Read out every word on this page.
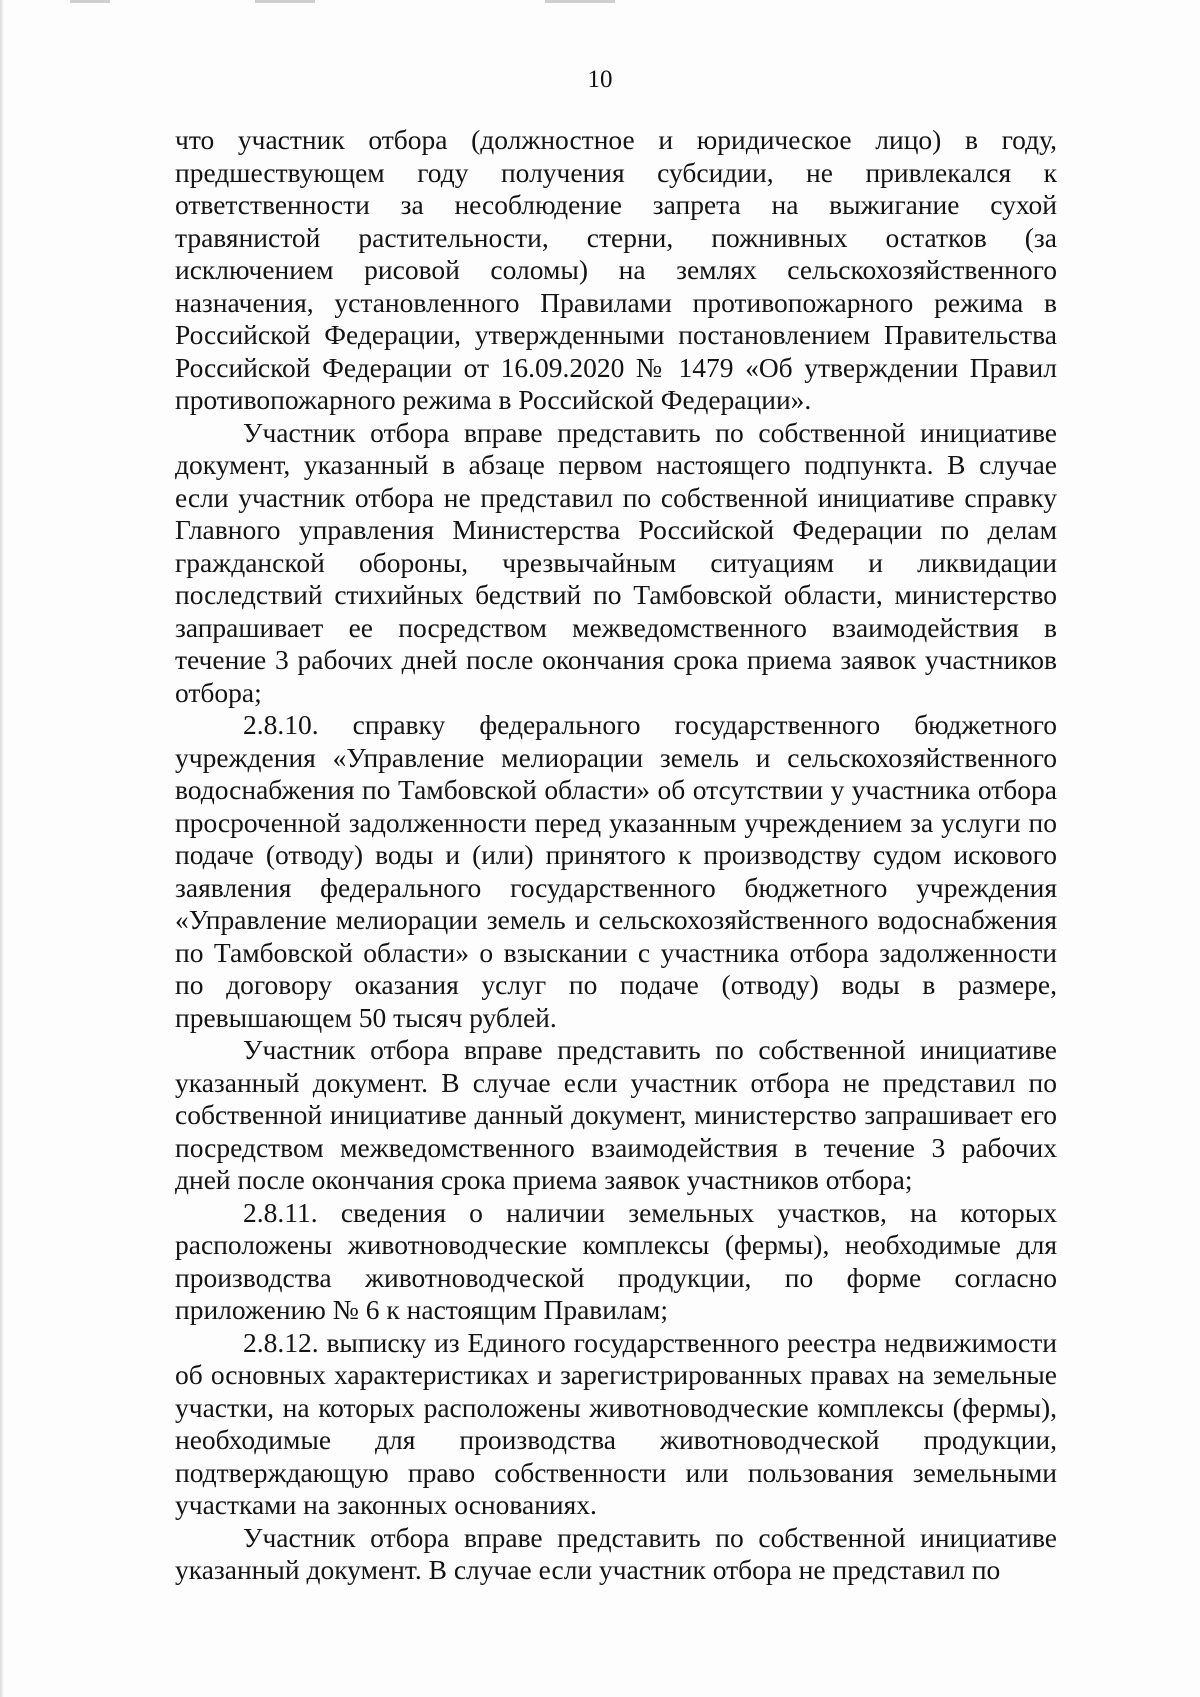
10

что участник отбора (должностное и юридическое лицо) в году, предшествующем году получения субсидии, не привлекался к ответственности за несоблюдение запрета на выжигание сухой травянистой растительности, стерни, пожнивных остатков (за исключением рисовой соломы) на землях сельскохозяйственного назначения, установленного Правилами противопожарного режима в Российской Федерации, утвержденными постановлением Правительства Российской Федерации от 16.09.2020 № 1479 «Об утверждении Правил противопожарного режима в Российской Федерации».

Участник отбора вправе представить по собственной инициативе документ, указанный в абзаце первом настоящего подпункта. В случае если участник отбора не представил по собственной инициативе справку Главного управления Министерства Российской Федерации по делам гражданской обороны, чрезвычайным ситуациям и ликвидации последствий стихийных бедствий по Тамбовской области, министерство запрашивает ее посредством межведомственного взаимодействия в течение 3 рабочих дней после окончания срока приема заявок участников отбора;

2.8.10. справку федерального государственного бюджетного учреждения «Управление мелиорации земель и сельскохозяйственного водоснабжения по Тамбовской области» об отсутствии у участника отбора просроченной задолженности перед указанным учреждением за услуги по подаче (отводу) воды и (или) принятого к производству судом искового заявления федерального государственного бюджетного учреждения «Управление мелиорации земель и сельскохозяйственного водоснабжения по Тамбовской области» о взыскании с участника отбора задолженности по договору оказания услуг по подаче (отводу) воды в размере, превышающем 50 тысяч рублей.

Участник отбора вправе представить по собственной инициативе указанный документ. В случае если участник отбора не представил по собственной инициативе данный документ, министерство запрашивает его посредством межведомственного взаимодействия в течение 3 рабочих дней после окончания срока приема заявок участников отбора;

2.8.11. сведения о наличии земельных участков, на которых расположены животноводческие комплексы (фермы), необходимые для производства животноводческой продукции, по форме согласно приложению № 6 к настоящим Правилам;

2.8.12. выписку из Единого государственного реестра недвижимости об основных характеристиках и зарегистрированных правах на земельные участки, на которых расположены животноводческие комплексы (фермы), необходимые для производства животноводческой продукции, подтверждающую право собственности или пользования земельными участками на законных основаниях.

Участник отбора вправе представить по собственной инициативе указанный документ. В случае если участник отбора не представил по
